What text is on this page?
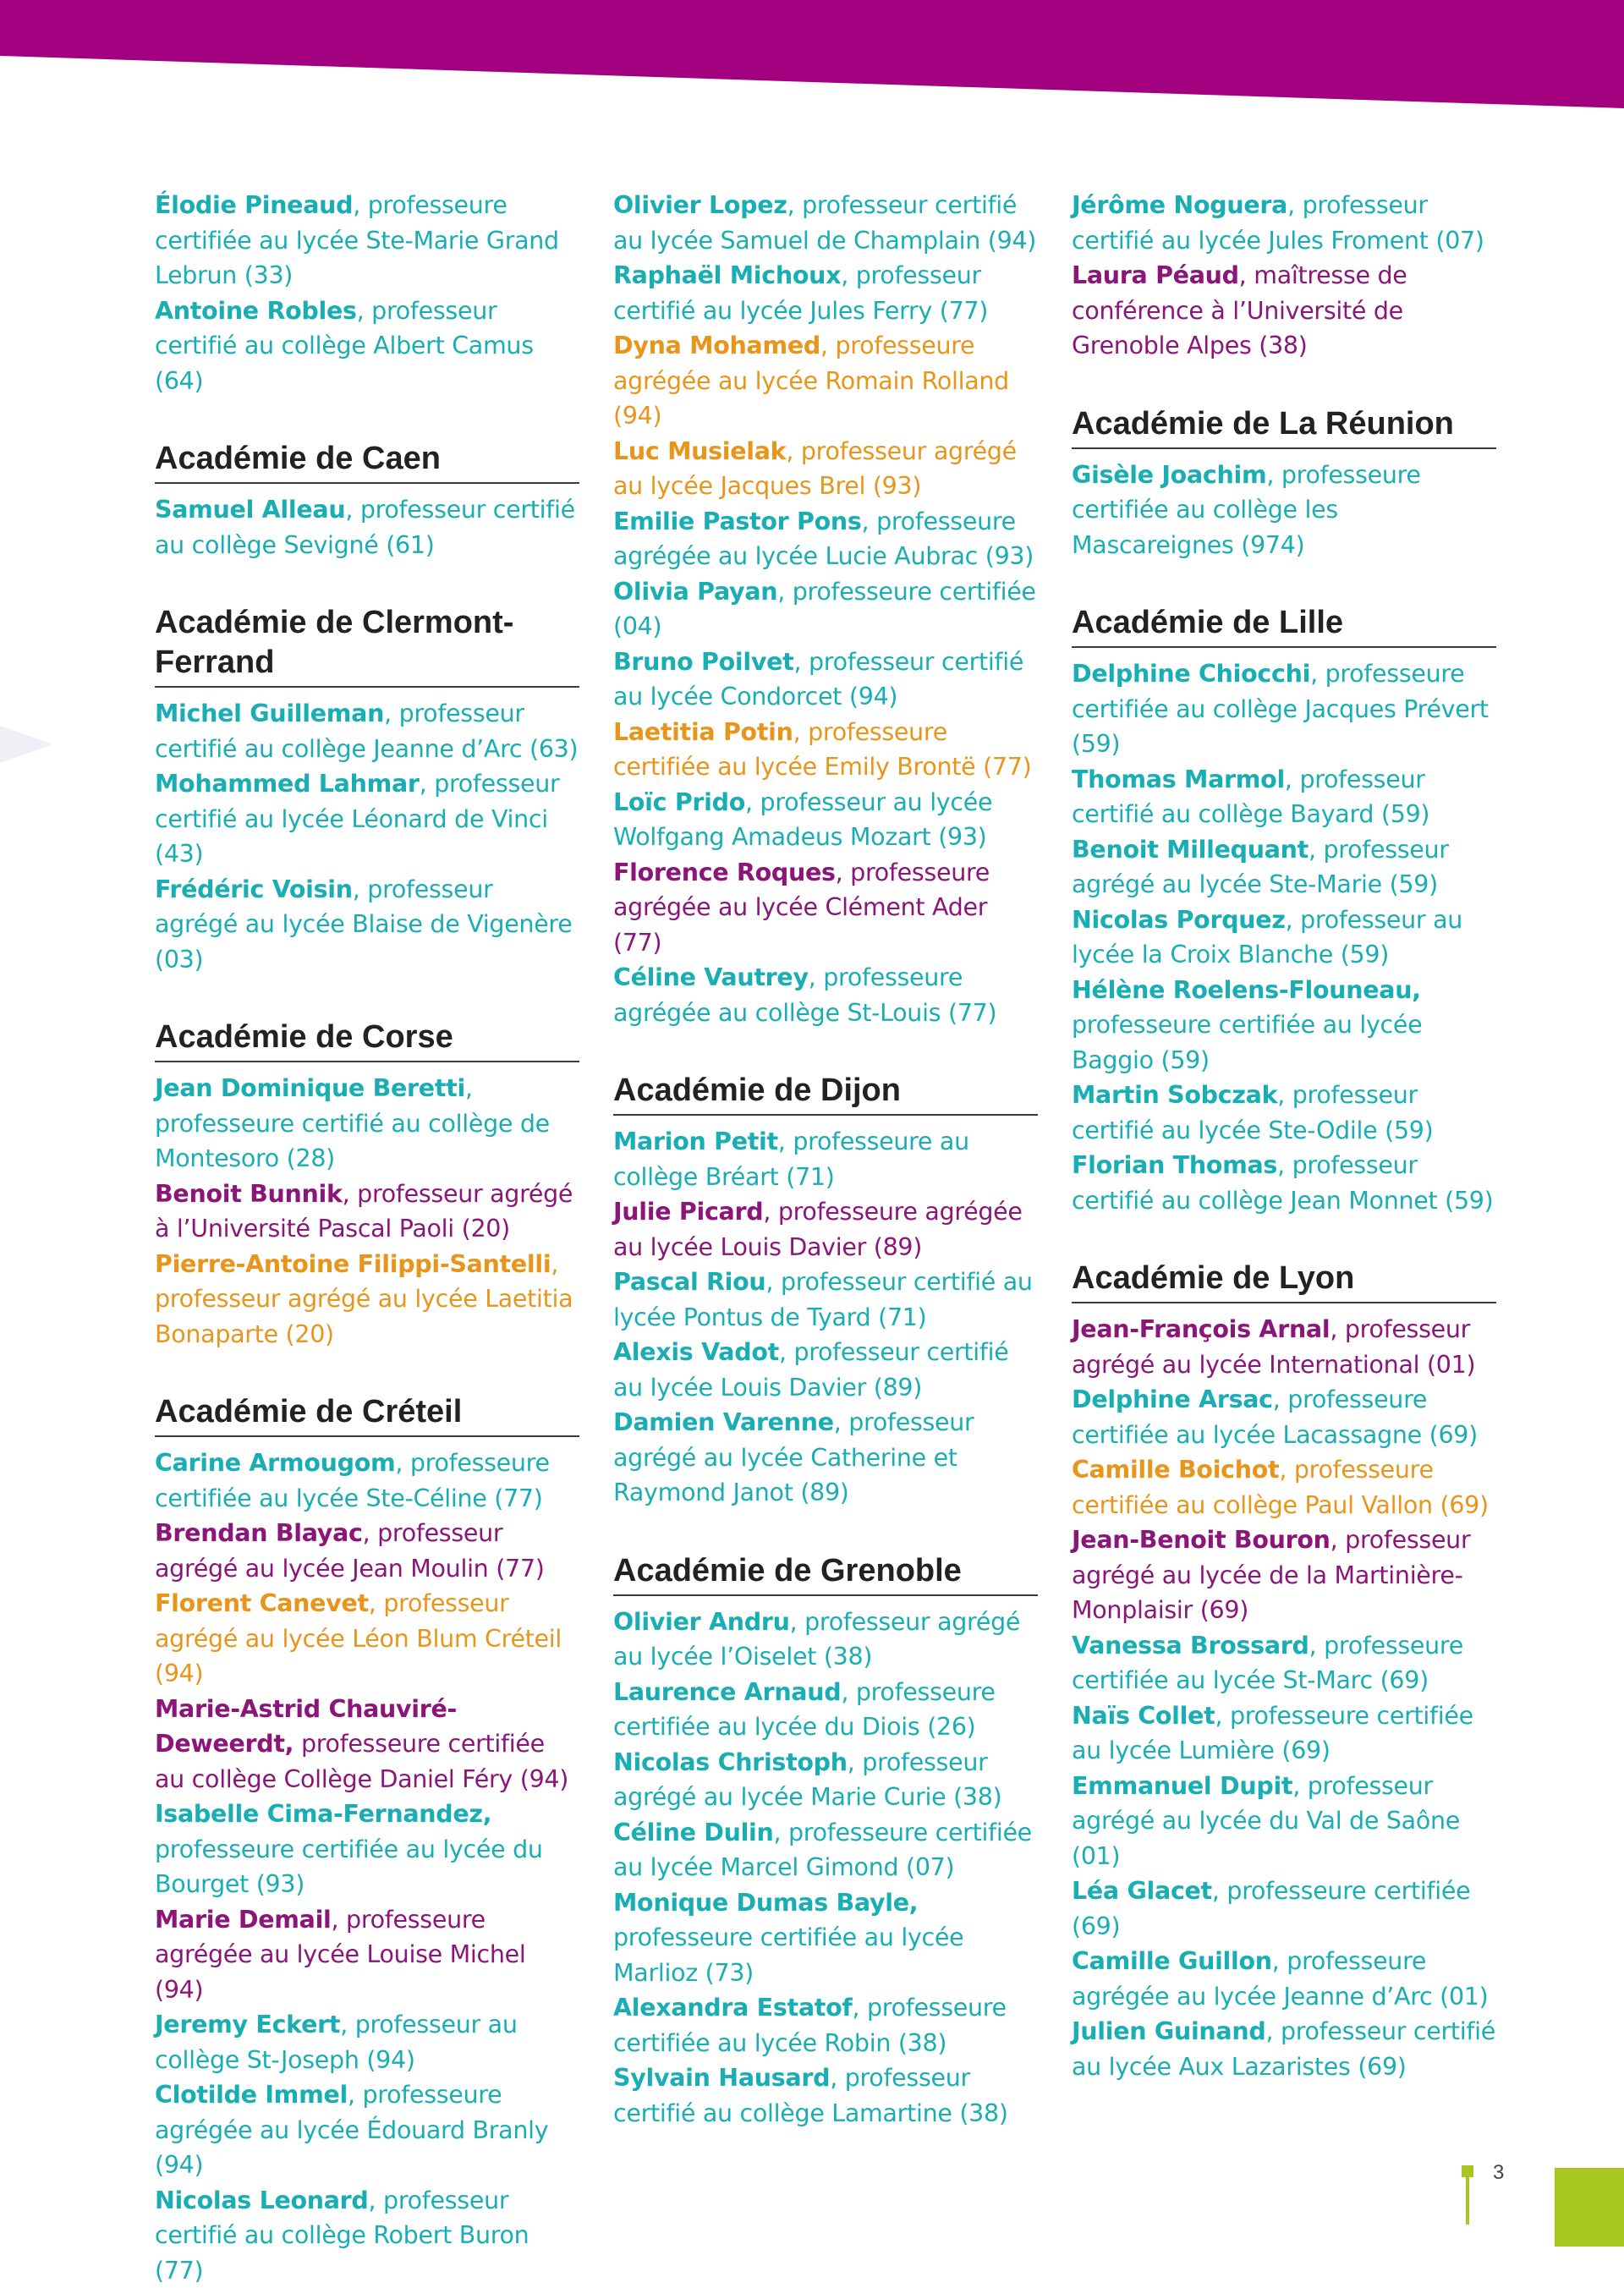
Élodie Pineaud, professeure certifiée au lycée Ste-Marie Grand Lebrun (33)
Antoine Robles, professeur certifié au collège Albert Camus (64)
Académie de Caen
Samuel Alleau, professeur certifié au collège Sevigné (61)
Académie de Clermont-Ferrand
Michel Guilleman, professeur certifié au collège Jeanne d’Arc (63)
Mohammed Lahmar, professeur certifié au lycée Léonard de Vinci (43)
Frédéric Voisin, professeur agrégé au lycée Blaise de Vigenère (03)
Académie de Corse
Jean Dominique Beretti, professeure certifié au collège de Montesoro (28)
Benoit Bunnik, professeur agrégé à l’Université Pascal Paoli (20)
Pierre-Antoine Filippi-Santelli, professeur agrégé au lycée Laetitia Bonaparte (20)
Académie de Créteil
Carine Armougom, professeure certifiée au lycée Ste-Céline (77)
Brendan Blayac, professeur agrégé au lycée Jean Moulin (77)
Florent Canevet, professeur agrégé au lycée Léon Blum Créteil (94)
Marie-Astrid Chauviré-Deweerdt, professeure certifiée au collège Collège Daniel Féry (94)
Isabelle Cima-Fernandez, professeure certifiée au lycée du Bourget (93)
Marie Demail, professeure agrégée au lycée Louise Michel (94)
Jeremy Eckert, professeur au collège St-Joseph (94)
Clotilde Immel, professeure agrégée au lycée Édouard Branly (94)
Nicolas Leonard, professeur certifié au collège Robert Buron (77)
Olivier Lopez, professeur certifié au lycée Samuel de Champlain (94)
Raphaël Michoux, professeur certifié au lycée Jules Ferry (77)
Dyna Mohamed, professeure agrégée au lycée Romain Rolland (94)
Luc Musielak, professeur agrégé au lycée Jacques Brel (93)
Emilie Pastor Pons, professeure agrégée au lycée Lucie Aubrac (93)
Olivia Payan, professeure certifiée (04)
Bruno Poilvet, professeur certifié au lycée Condorcet (94)
Laetitia Potin, professeure certifiée au lycée Emily Brontë (77)
Loïc Prido, professeur au lycée Wolfgang Amadeus Mozart (93)
Florence Roques, professeure agrégée au lycée Clément Ader (77)
Céline Vautrey, professeure agrégée au collège St-Louis (77)
Académie de Dijon
Marion Petit, professeure au collège Bréart (71)
Julie Picard, professeure agrégée au lycée Louis Davier (89)
Pascal Riou, professeur certifié au lycée Pontus de Tyard (71)
Alexis Vadot, professeur certifié au lycée Louis Davier (89)
Damien Varenne, professeur agrégé au lycée Catherine et Raymond Janot (89)
Académie de Grenoble
Olivier Andru, professeur agrégé au lycée l’Oiselet (38)
Laurence Arnaud, professeure certifiée au lycée du Diois (26)
Nicolas Christoph, professeur agrégé au lycée Marie Curie (38)
Céline Dulin, professeure certifiée au lycée Marcel Gimond (07)
Monique Dumas Bayle, professeure certifiée au lycée Marlioz (73)
Alexandra Estatof, professeure certifiée au lycée Robin (38)
Sylvain Hausard, professeur certifié au collège Lamartine (38)
Jérôme Noguera, professeur certifié au lycée Jules Froment (07)
Laura Péaud, maîtresse de conférence à l’Université de Grenoble Alpes (38)
Académie de La Réunion
Gisèle Joachim, professeure certifiée au collège les Mascareignes (974)
Académie de Lille
Delphine Chiocchi, professeure certifiée au collège Jacques Prévert (59)
Thomas Marmol, professeur certifié au collège Bayard (59)
Benoit Millequant, professeur agrégé au lycée Ste-Marie (59)
Nicolas Porquez, professeur au lycée la Croix Blanche (59)
Hélène Roelens-Flouneau, professeure certifiée au lycée Baggio (59)
Martin Sobczak, professeur certifié au lycée Ste-Odile (59)
Florian Thomas, professeur certifié au collège Jean Monnet (59)
Académie de Lyon
Jean-François Arnal, professeur agrégé au lycée International (01)
Delphine Arsac, professeure certifiée au lycée Lacassagne (69)
Camille Boichot, professeure certifiée au collège Paul Vallon (69)
Jean-Benoit Bouron, professeur agrégé au lycée de la Martinière-Monplaisir (69)
Vanessa Brossard, professeure certifiée au lycée St-Marc (69)
Naïs Collet, professeure certifiée au lycée Lumière (69)
Emmanuel Dupit, professeur agrégé au lycée du Val de Saône (01)
Léa Glacet, professeure certifiée (69)
Camille Guillon, professeure agrégée au lycée Jeanne d’Arc (01)
Julien Guinand, professeur certifié au lycée Aux Lazaristes (69)
3
